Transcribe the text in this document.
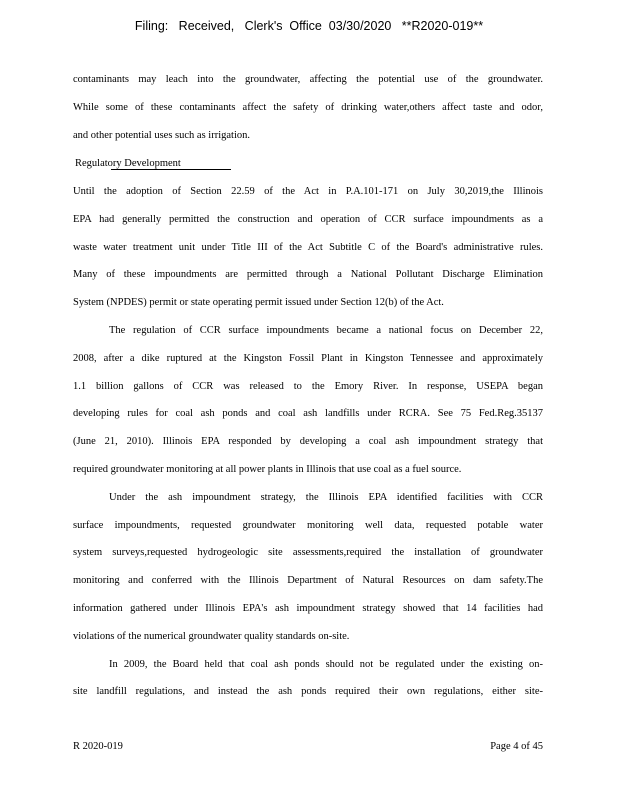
Filing:   Received,   Clerk's  Office  03/30/2020   **R2020-019**
contaminants may leach into the groundwater, affecting the potential use of the groundwater.
While some of these contaminants affect the safety of drinking water,others affect taste and odor,
and other potential uses such as irrigation.
Until the adoption of Section 22.59 of the Act in P.A.101-171 on July 30,2019,the Illinois
EPA had generally permitted the construction and operation of CCR surface impoundments as a
waste water treatment unit under Title III of the Act Subtitle C of the Board's administrative rules.
Many of these impoundments are permitted through a National Pollutant Discharge Elimination
System (NPDES) permit or state operating permit issued under Section 12(b) of the Act.
The regulation of CCR surface impoundments became a national focus on December 22,
2008, after a dike ruptured at the Kingston Fossil Plant in Kingston Tennessee and approximately
1.1 billion gallons of CCR was released to the Emory River. In response, USEPA began
developing rules for coal ash ponds and coal ash landfills under RCRA. See 75 Fed.Reg.35137
(June 21, 2010). Illinois EPA responded by developing a coal ash impoundment strategy that
required groundwater monitoring at all power plants in Illinois that use coal as a fuel source.
Under the ash impoundment strategy, the Illinois EPA identified facilities with CCR
surface impoundments, requested groundwater monitoring well data, requested potable water
system surveys,requested hydrogeologic site assessments,required the installation of groundwater
monitoring and conferred with the Illinois Department of Natural Resources on dam safety.The
information gathered under Illinois EPA's ash impoundment strategy showed that 14 facilities had
violations of the numerical groundwater quality standards on-site.
In 2009, the Board held that coal ash ponds should not be regulated under the existing on-
site landfill regulations, and instead the ash ponds required their own regulations, either site-
Regulatory Development
R 2020-019	Page 4 of 45
